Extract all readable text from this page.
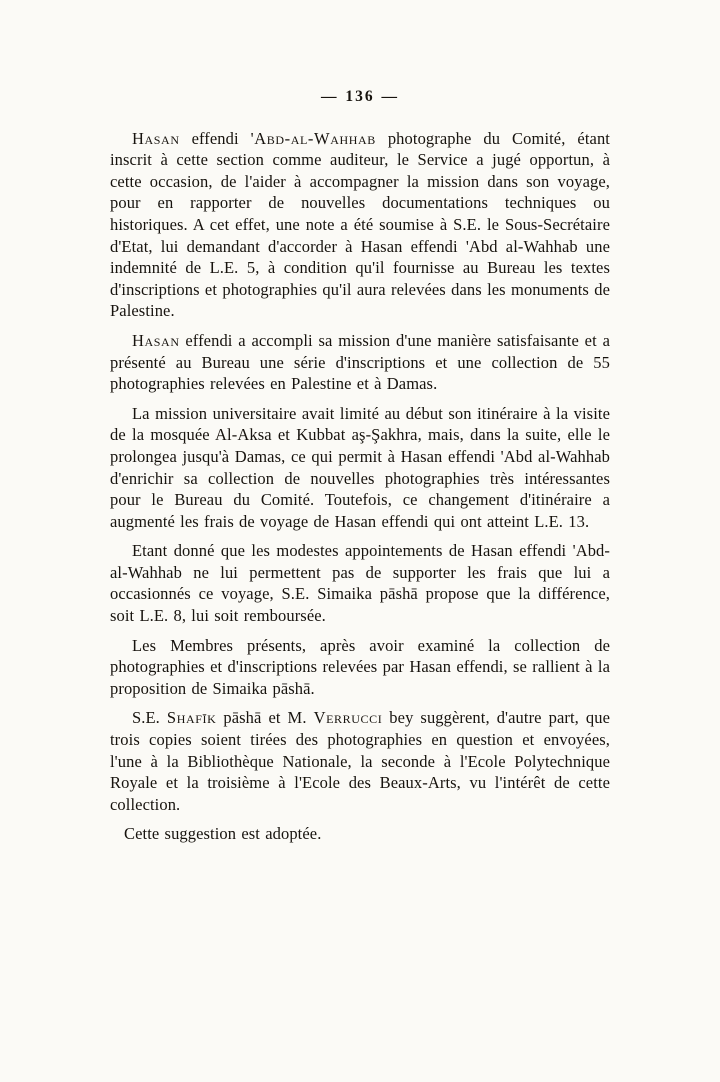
— 136 —

Hasan effendi 'Abd-al-Wahhab photographe du Comité, étant inscrit à cette section comme auditeur, le Service a jugé opportun, à cette occasion, de l'aider à accompagner la mission dans son voyage, pour en rapporter de nouvelles documentations techniques ou historiques. A cet effet, une note a été soumise à S.E. le Sous-Secrétaire d'Etat, lui demandant d'accorder à Hasan effendi 'Abd al-Wahhab une indemnité de L.E. 5, à condition qu'il fournisse au Bureau les textes d'inscriptions et photographies qu'il aura relevées dans les monuments de Palestine.

Hasan effendi a accompli sa mission d'une manière satisfaisante et a présenté au Bureau une série d'inscriptions et une collection de 55 photographies relevées en Palestine et à Damas.

La mission universitaire avait limité au début son itinéraire à la visite de la mosquée Al-Aksa et Kubbat aş-Şakhra, mais, dans la suite, elle le prolongea jusqu'à Damas, ce qui permit à Hasan effendi 'Abd al-Wahhab d'enrichir sa collection de nouvelles photographies très intéressantes pour le Bureau du Comité. Toutefois, ce changement d'itinéraire a augmenté les frais de voyage de Hasan effendi qui ont atteint L.E. 13.

Etant donné que les modestes appointements de Hasan effendi 'Abd-al-Wahhab ne lui permettent pas de supporter les frais que lui a occasionnés ce voyage, S.E. Simaika pāshā propose que la différence, soit L.E. 8, lui soit remboursée.

Les Membres présents, après avoir examiné la collection de photographies et d'inscriptions relevées par Hasan effendi, se rallient à la proposition de Simaika pāshā.

S.E. Shafīk pāshā et M. Verrucci bey suggèrent, d'autre part, que trois copies soient tirées des photographies en question et envoyées, l'une à la Bibliothèque Nationale, la seconde à l'Ecole Polytechnique Royale et la troisième à l'Ecole des Beaux-Arts, vu l'intérêt de cette collection.

Cette suggestion est adoptée.
